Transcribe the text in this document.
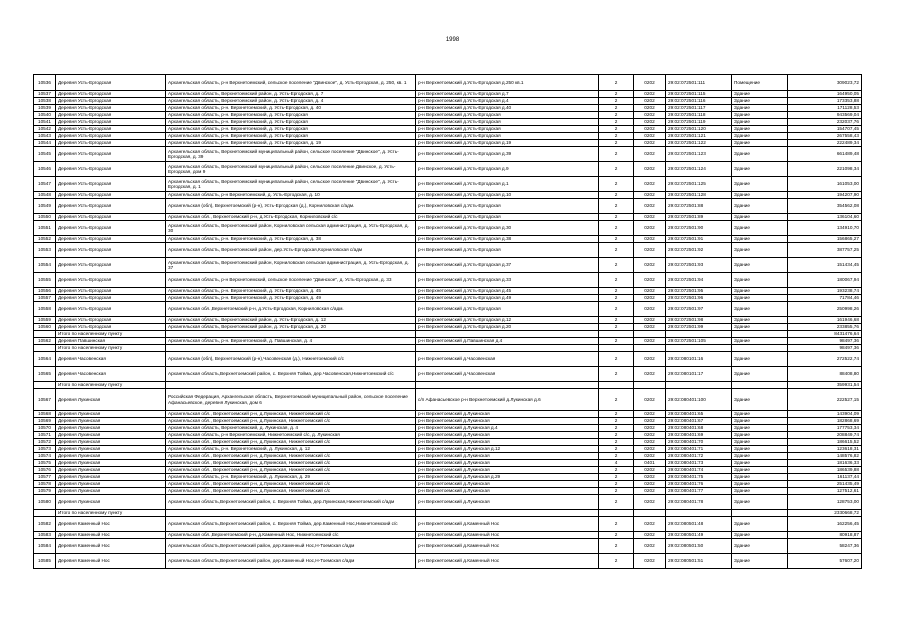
1998
10536	Деревня Усть-Ергодская	Архангельская область, р-н Верхнетоемский, сельское поселение "Двинское", д. Усть-Ергодская, д. 250, кв. 1	р-н Верхнетоемский д.Усть-Ергодская д.250 кв.1	2	0202	29:02:072501:111	Помещение	309023,72
10537	Деревня Усть-Ергодская	Архангельская область, Верхнетоемский район, д. Усть-Ергодская, д. 7	р-н Верхнетоемский д.Усть-Ергодская д.7	2	0202	29:02:072501:115	Здание	164950,05
10538	Деревня Усть-Ергодская	Архангельская область, Верхнетоемский район, д. Усть-Ергодская, д. 4	р-н Верхнетоемский д.Усть-Ергодская д.4	2	0202	29:02:072501:116	Здание	173353,88
10539	Деревня Усть-Ергодская	Архангельская область, р-н. Верхнетоемский, д. Усть-Ергодская, д. 40	р-н Верхнетоемский д.Усть-Ергодская д.40	2	0202	29:02:072501:117	Здание	171128,53
10540	Деревня Усть-Ергодская	Архангельская область, р-н. Верхнетоемский, д. Усть-Ергодская	р-н Верхнетоемский д.Усть-Ергодская	2	0202	29:02:072501:118	Здание	943569,04
10541	Деревня Усть-Ергодская	Архангельская область, р-н. Верхнетоемский, д. Усть-Ергодская	р-н Верхнетоемский д.Усть-Ергодская	2	0202	29:02:072501:119	Здание	232037,76
10542	Деревня Усть-Ергодская	Архангельская область, р-н. Верхнетоемский, д. Усть-Ергодская	р-н Верхнетоемский д.Усть-Ергодская	2	0202	29:02:072501:120	Здание	154707,45
10543	Деревня Усть-Ергодская	Архангельская область, р-н. Верхнетоемский, д. Усть-Ергодская	р-н Верхнетоемский д.Усть-Ергодская	2	0202	29:02:072501:121	Здание	267558,43
10544	Деревня Усть-Ергодская	Архангельская область, р-н. Верхнетоемский, д. Усть-Ергодская, д. 19	р-н Верхнетоемский д.Усть-Ергодская д.19	2	0202	29:02:072501:122	Здание	222489,34
10545	Деревня Усть-Ергодская	Архангельская область, Верхнетоемский муниципальный район, сельское поселение "Двинское", д. Усть-Ергодская, д. 39	р-н Верхнетоемский д.Усть-Ергодская д.39	2	0202	29:02:072501:123	Здание	661489,48
10546	Деревня Усть-Ергодская	Архангельская область, Верхнетоемский муниципальный район, сельское поселение Двинское, д. Усть-Ергодская, дом 9	р-н Верхнетоемский д.Усть-Ергодская д.9	2	0202	29:02:072501:124	Здание	221098,34
10547	Деревня Усть-Ергодская	Архангельская область, Верхнетоемский муниципальный район, сельское поселение "Двинское", д. Усть-Ергодская, д. 1	р-н Верхнетоемский д.Усть-Ергодская д.1	2	0202	29:02:072501:125	Здание	161053,00
10548	Деревня Усть-Ергодская	Архангельская область, р-н Верхнетоемский, д. Усть-Ергодская, д. 10	р-н Верхнетоемский д.Усть-Ергодская д.10	2	0202	29:02:072501:128	Здание	194207,90
10549	Деревня Усть-Ергодская	Архангельская (обл), Верхнетоемский (р-н), Усть-Ергодская (д.), Корниловская с/адм.	р-н Верхнетоемский д.Усть-Ергодская	2	0202	29:02:072501:88	Здание	354562,08
10550	Деревня Усть-Ергодская	Архангельская обл., Верхнетоемский р-н, д.Усть-Ергодская, Корниловский с/с	р-н Верхнетоемский д.Усть-Ергодская	2	0202	29:02:072501:89	Здание	136104,60
10551	Деревня Усть-Ергодская	Архангельская область, Верхнетоемский район, Корниловская сельская администрация, д. Усть-Ергодская, д. 30	р-н Верхнетоемский д.Усть-Ергодская д.30	2	0202	29:02:072501:90	Здание	134910,70
10552	Деревня Усть-Ергодская	Архангельская область, р-н. Верхнетоемский, д. Усть-Ергодская, д. 38	р-н Верхнетоемский д.Усть-Ергодская д.38	2	0202	29:02:072501:91	Здание	156865,27
10553	Деревня Усть-Ергодская	Архангельская область, Верхнетоемский район, дер.Усть-Ергодская,Корниловская с/адм	р-н Верхнетоемский д.Усть-Ергодская	2	0202	29:02:072501:92	Здание	387757,25
10554	Деревня Усть-Ергодская	Архангельская область, Верхнетоемский район, Корниловская сельская администрация, д. Усть-Ергодская, д. 37	р-н Верхнетоемский д.Усть-Ергодская д.37	2	0202	29:02:072501:93	Здание	151434,45
10555	Деревня Усть-Ергодская	Архангельская область, р-н Верхнетоемский, сельское поселение "Двинское", д. Усть-Ергодская, д. 33	р-н Верхнетоемский д.Усть-Ергодская д.33	2	0202	29:02:072501:94	Здание	180067,94
10556	Деревня Усть-Ергодская	Архангельская область, р-н. Верхнетоемский, д. Усть-Ергодская, д. 45	р-н Верхнетоемский д.Усть-Ергодская д.45	2	0202	29:02:072501:95	Здание	193238,74
10557	Деревня Усть-Ергодская	Архангельская область, р-н. Верхнетоемский, д. Усть-Ергодская, д. 49	р-н Верхнетоемский д.Усть-Ергодская д.49	2	0202	29:02:072501:96	Здание	71784,46
10558	Деревня Усть-Ергодская	Архангельская обл.,Верхнетоемский р-н, д.Усть-Ергодская, Корниловская с/адм.	р-н Верхнетоемский д.Усть-Ергодская	2	0202	29:02:072501:97	Здание	250998,26
10559	Деревня Усть-Ергодская	Архангельская область, Верхнетоемский район, д. Усть-Ергодская, д. 12	р-н Верхнетоемский д.Усть-Ергодская д.12	2	0202	29:02:072501:98	Здание	161946,68
10560	Деревня Усть-Ергодская	Архангельская область, Верхнетоемский район, д. Усть-Ергодская, д. 20	р-н Верхнетоемский д.Усть-Ергодская д.20	2	0202	29:02:072501:99	Здание	233855,76
	Итого по населенному пункту							8431476,64
10562	Деревня Павшинская	Архангельская область, р-н. Верхнетоемский, д. Павшинская, д. 4	р-н Верхнетоемский д.Павшинская д.4	2	0202	29:02:072501:105	Здание	98497,36
	Итого по населенному пункту							98497,36
10564	Деревня Часовенская	Архангельская (обл), Верхнетоемский (р-н),Часовенская (д.), Нижнетоемский с/с	р-н Верхнетоемский д.Часовенская	2	0202	29:02:080101:16	Здание	272522,74
10565	Деревня Часовенская	Архангельская область,Верхнетоемский район, с. Верхняя Тойма, дер.Часовенская,Нижнетоемский с/с	р-н Верхнетоемский д.Часовенская	2	0202	29:02:080101:17	Здание	88408,80
	Итого по населенному пункту							359931,54
10567	Деревня Лукинская	Российская Федерация, Архангельская область, Верхнетоемский муниципальный район, сельское поселение Афанасьевское, деревня Лукинская, дом 6	с/п Афанасьевское р-н Верхнетоемский д.Лукинская д.6	2	0202	29:02:080401:100	Здание	222527,15
10568	Деревня Лукинская	Архангельская обл., Верхнетоемский р-н, д.Лукинская, Нижнетоемский с/с	р-н Верхнетоемский д.Лукинская	2	0202	29:02:080401:65	Здание	143904,09
10569	Деревня Лукинская	Архангельская обл., Верхнетоемский р-н, д.Лукинская, Нижнетоемский с/с	р-н Верхнетоемский д.Лукинская	2	0202	29:02:080401:67	Здание	182868,69
10570	Деревня Лукинская	Архангельская область, Верхнетоемский, д. Лукинская, д. 4	р-н Верхнетоемский д.Лукинская д.4	2	0202	29:02:080401:68	Здание	177753,34
10571	Деревня Лукинская	Архангельская область, р-н Верхнетоемский, Нижнетоемский с/с, д. Лукинская	р-н Верхнетоемский д.Лукинская	2	0202	29:02:080401:69	Здание	208849,74
10572	Деревня Лукинская	Архангельская обл., Верхнетоемский р-н, д.Лукинская, Нижнетоемский с/с	р-н Верхнетоемский д.Лукинская	2	0202	29:02:080401:70	Здание	186615,52
10573	Деревня Лукинская	Архангельская область, р-н. Верхнетоемский, д. Лукинская, д. 12	р-н Верхнетоемский д.Лукинская д.12	2	0202	29:02:080401:71	Здание	123618,31
10574	Деревня Лукинская	Архангельская обл., Верхнетоемский р-н, д.Лукинская, Нижнетоемский с/с	р-н Верхнетоемский д.Лукинская	2	0202	29:02:080401:72	Здание	148576,82
10575	Деревня Лукинская	Архангельская обл., Верхнетоемский р-н, д.Лукинская, Нижнетоемский с/с	р-н Верхнетоемский д.Лукинская	4	0401	29:02:080401:73	Здание	181636,33
10576	Деревня Лукинская	Архангельская обл., Верхнетоемский р-н, д.Лукинская, Нижнетоемский с/с	р-н Верхнетоемский д.Лукинская	2	0202	29:02:080401:74	Здание	186539,88
10577	Деревня Лукинская	Архангельская область, р-н. Верхнетоемский, д. Лукинская, д. 29	р-н Верхнетоемский д.Лукинская д.29	2	0202	29:02:080401:75	Здание	161137,44
10578	Деревня Лукинская	Архангельская обл., Верхнетоемский р-н, д.Лукинская, Нижнетоемский с/с	р-н Верхнетоемский д.Лукинская	2	0202	29:02:080401:76	Здание	251435,49
10579	Деревня Лукинская	Архангельская обл., Верхнетоемский р-н, д.Лукинская, Нижнетоемский с/с	р-н Верхнетоемский д.Лукинская	2	0202	29:02:080401:77	Здание	127512,61
10580	Деревня Лукинская	Архангельская область,Верхнетоемский район, с. Верхняя Тойма, дер.Лукинская,Нижнетоемский с/адм	р-н Верхнетоемский д.Лукинская	2	0202	29:02:080401:78	Здание	128753,00
	Итого по населенному пункту							2330668,72
10582	Деревня Каменный Нос	Архангельская область,Верхнетоемский район, с. Верхняя Тойма, дер.Каменный Нос,Нижнетоемский с/с	р-н Верхнетоемский д.Каменный Нос	2	0202	29:02:080501:48	Здание	162256,45
10583	Деревня Каменный Нос	Архангельская обл.,Верхнетоемский р-н, д.Каменный Нос, Нижнетоемский с/с	р-н Верхнетоемский д.Каменный Нос	2	0202	29:02:080501:49	Здание	80918,87
10584	Деревня Каменный Нос	Архангельская область,Верхнетоемский район, дер.Каменный Нос,Н-Тоемская с/адм	р-н Верхнетоемский д.Каменный Нос	2	0202	29:02:080501:50	Здание	58247,36
10585	Деревня Каменный Нос	Архангельская область,Верхнетоемский район, дер.Каменный Нос,Н-Тоемская с/адм	р-н Верхнетоемский д.Каменный Нос	2	0202	29:02:080501:51	Здание	57607,20
